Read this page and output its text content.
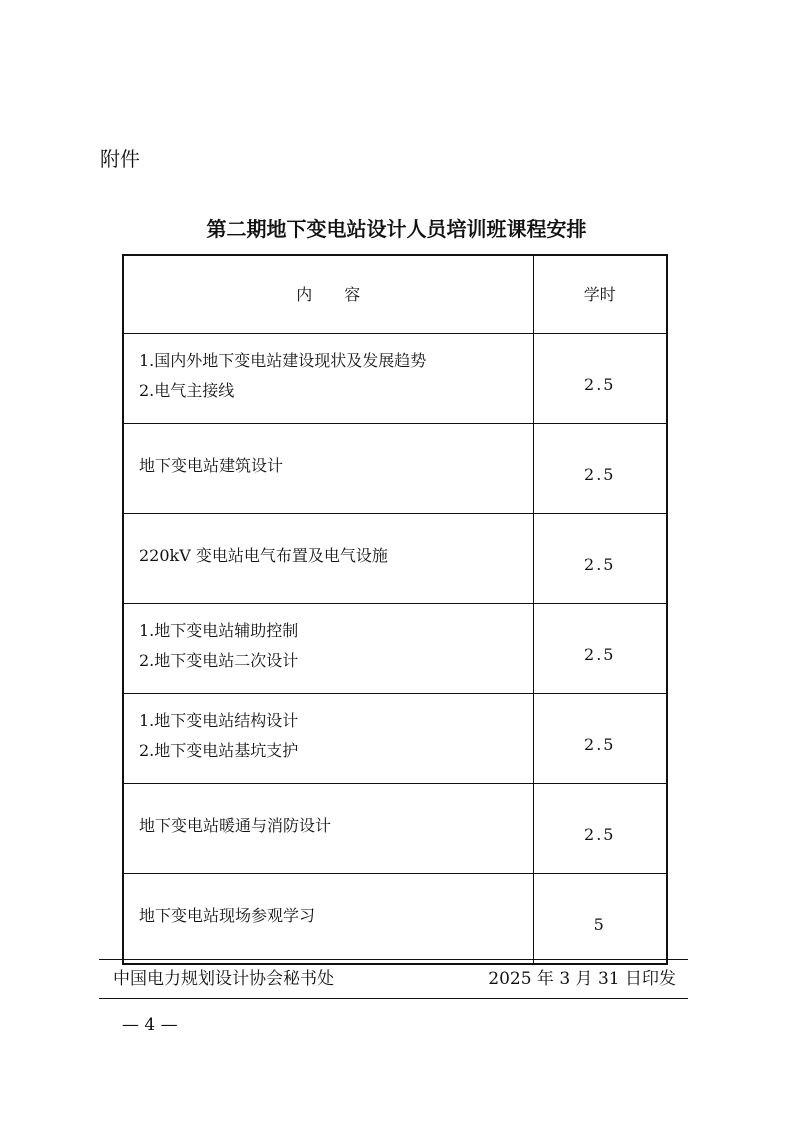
附件
第二期地下变电站设计人员培训班课程安排
内　　容	学时

1.国内外地下变电站建设现状及发展趋势
2.电气主接线	2.5

地下变电站建筑设计	2.5

220kV 变电站电气布置及电气设施	2.5

1.地下变电站辅助控制
2.地下变电站二次设计	2.5

1.地下变电站结构设计
2.地下变电站基坑支护	2.5

地下变电站暖通与消防设计	2.5

地下变电站现场参观学习	5
中国电力规划设计协会秘书处	2025 年 3 月 31 日印发
— 4 —
